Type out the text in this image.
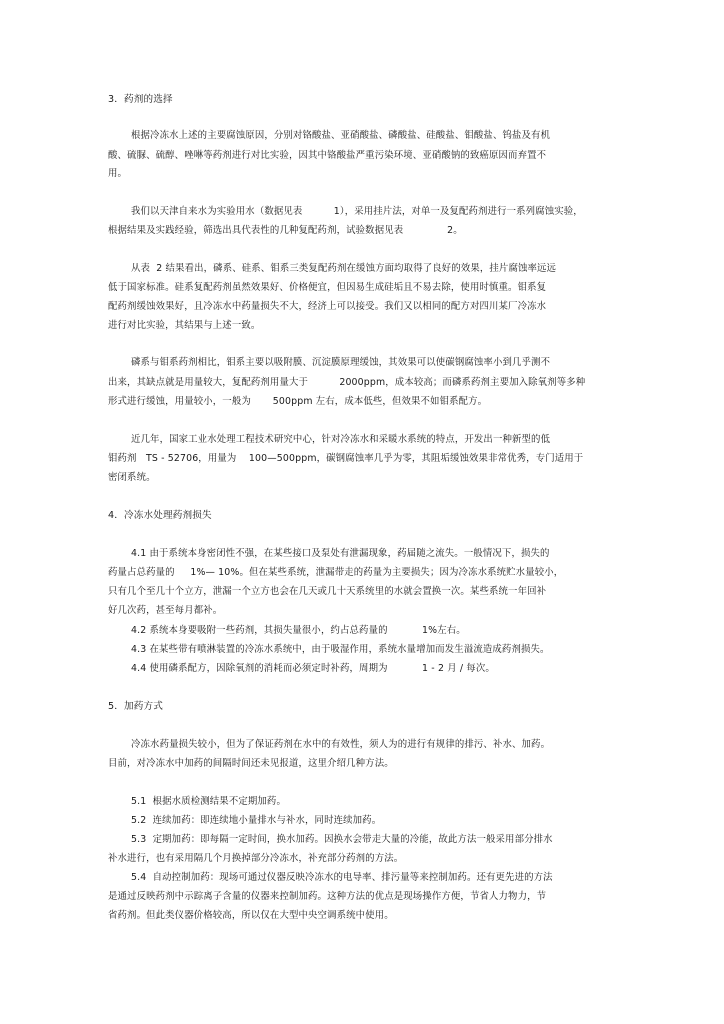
3．药剂的选择
根据冷冻水上述的主要腐蚀原因，分别对铬酸盐、亚硝酸盐、磷酸盐、硅酸盐、钼酸盐、钨盐及有机
酸、硫脲、硫醇、唑啉等药剂进行对比实验，因其中铬酸盐严重污染环境、亚硝酸钠的致癌原因而弃置不
用。
我们以天津自来水为实验用水（数据见表          1），采用挂片法，对单一及复配药剂进行一系列腐蚀实验，
根据结果及实践经验，筛选出具代表性的几种复配药剂，试验数据见表              2。
从表  2 结果看出，磷系、硅系、钼系三类复配药剂在缓蚀方面均取得了良好的效果，挂片腐蚀率远远
低于国家标准。硅系复配药剂虽然效果好、价格便宜，但因易生成硅垢且不易去除，使用时慎重。钼系复
配药剂缓蚀效果好，且冷冻水中药量损失不大，经济上可以接受。我们又以相同的配方对四川某厂冷冻水
进行对比实验，其结果与上述一致。
磷系与钼系药剂相比，钼系主要以吸附膜、沉淀膜原理缓蚀，其效果可以使碳钢腐蚀率小到几乎测不
出来，其缺点就是用量较大，复配药剂用量大于          2000ppm，成本较高；而磷系药剂主要加入除氧剂等多种
形式进行缓蚀，用量较小，一般为       500ppm 左右，成本低些，但效果不如钼系配方。
近几年，国家工业水处理工程技术研究中心，针对冷冻水和采暖水系统的特点，开发出一种新型的低
钼药剂   TS - 52706，用量为    100—500ppm，碳钢腐蚀率几乎为零，其阻垢缓蚀效果非常优秀，专门适用于
密闭系统。
4．冷冻水处理药剂损失
4.1 由于系统本身密闭性不强，在某些接口及泵处有泄漏现象，药届随之流失。一般情况下，损失的
药量占总药量的     1%— 10%。但在某些系统，泄漏带走的药量为主要损失；因为冷冻水系统贮水量较小，
只有几个至几十个立方，泄漏一个立方也会在几天或几十天系统里的水就会置换一次。某些系统一年回补
好几次药，甚至每月都补。
4.2 系统本身要吸附一些药剂，其损失量很小，约占总药量的           1%左右。
4.3 在某些带有喷淋装置的冷冻水系统中，由于吸湿作用，系统水量增加而发生溢流造成药剂损失。
4.4 使用磷系配方，因除氧剂的消耗而必须定时补药，周期为           1 - 2 月 / 每次。
5．加药方式
冷冻水药量损失较小，但为了保证药剂在水中的有效性，须人为的进行有规律的排污、补水、加药。
目前，对冷冻水中加药的间隔时间还未见报道，这里介绍几种方法。
5.1  根据水质检测结果不定期加药。
5.2  连续加药：即连续地小量排水与补水，同时连续加药。
5.3  定期加药：即每隔一定时间，换水加药。因换水会带走大量的冷能，故此方法一般采用部分排水
补水进行，也有采用隔几个月换掉部分冷冻水，补充部分药剂的方法。
5.4  自动控制加药：现场可通过仪器反映冷冻水的电导率、排污量等来控制加药。还有更先进的方法
是通过反映药剂中示踪离子含量的仪器来控制加药。这种方法的优点是现场操作方便，节省人力物力，节
省药剂。但此类仪器价格较高，所以仅在大型中央空调系统中使用。
